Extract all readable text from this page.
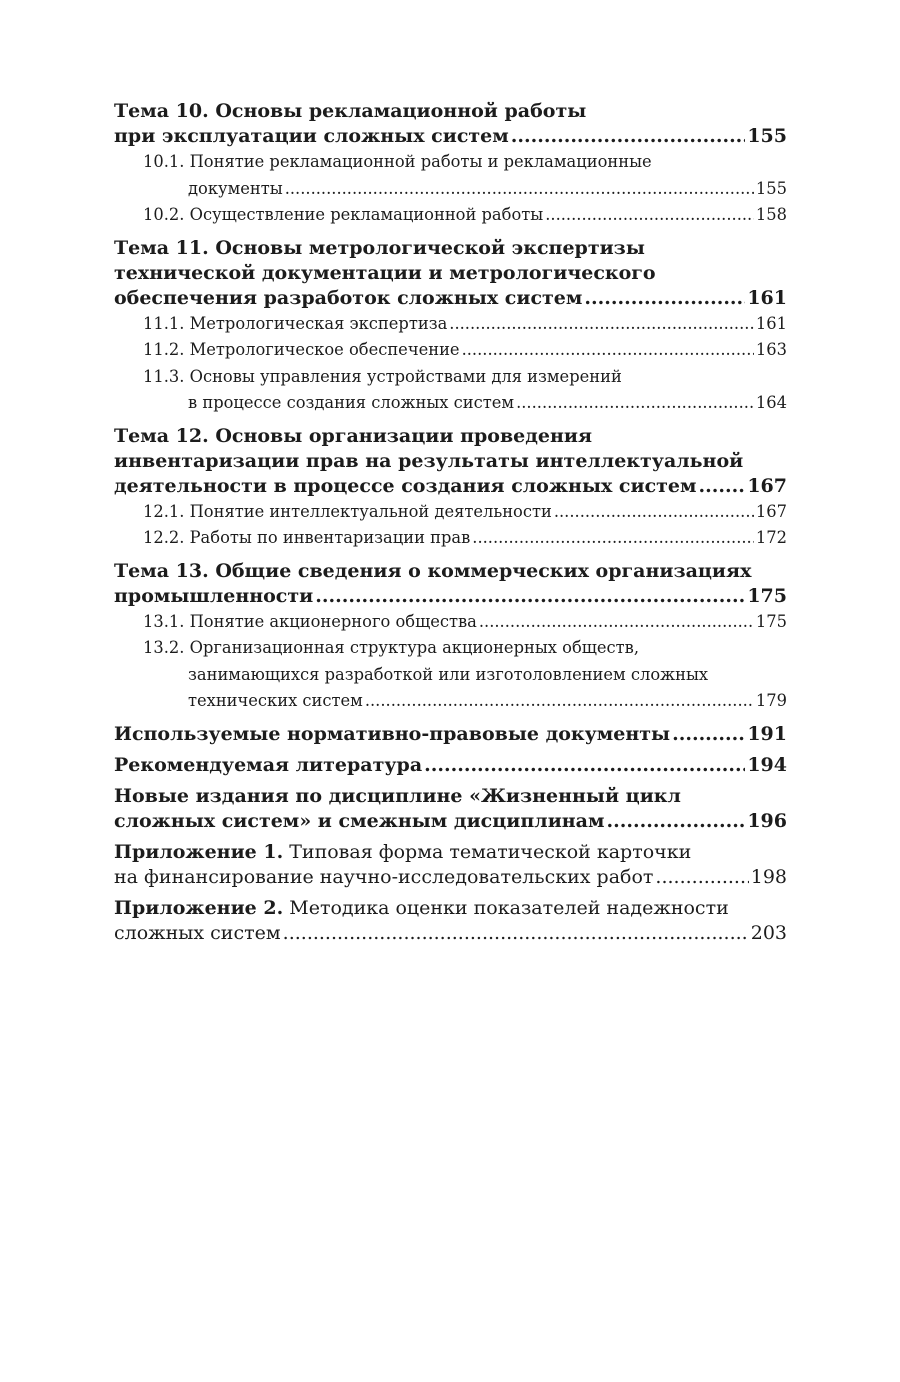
Тема 10. Основы рекламационной работы
при эксплуатации сложных систем .....	155
10.1. Понятие рекламационной работы и рекламационные
документы .....	155
10.2. Осуществление рекламационной работы .....	158
Тема 11. Основы метрологической экспертизы
технической документации и метрологического
обеспечения разработок сложных систем .....	161
11.1. Метрологическая экспертиза .....	161
11.2. Метрологическое обеспечение .....	163
11.3. Основы управления устройствами для измерений
в процессе создания сложных систем .....	164
Тема 12. Основы организации проведения
инвентаризации прав на результаты интеллектуальной
деятельности в процессе создания сложных систем .....	167
12.1. Понятие интеллектуальной деятельности .....	167
12.2. Работы по инвентаризации прав .....	172
Тема 13. Общие сведения о коммерческих организациях
промышленности .....	175
13.1. Понятие акционерного общества .....	175
13.2. Организационная структура акционерных обществ,
занимающихся разработкой или изготоловлением сложных
технических систем .....	179
Используемые нормативно-правовые документы .....	191
Рекомендуемая литература .....	194
Новые издания по дисциплине «Жизненный цикл
сложных систем» и смежным дисциплинам .....	196
Приложение 1. Типовая форма тематической карточки
на финансирование научно-исследовательских работ .....	198
Приложение 2. Методика оценки показателей надежности
сложных систем .....	203
